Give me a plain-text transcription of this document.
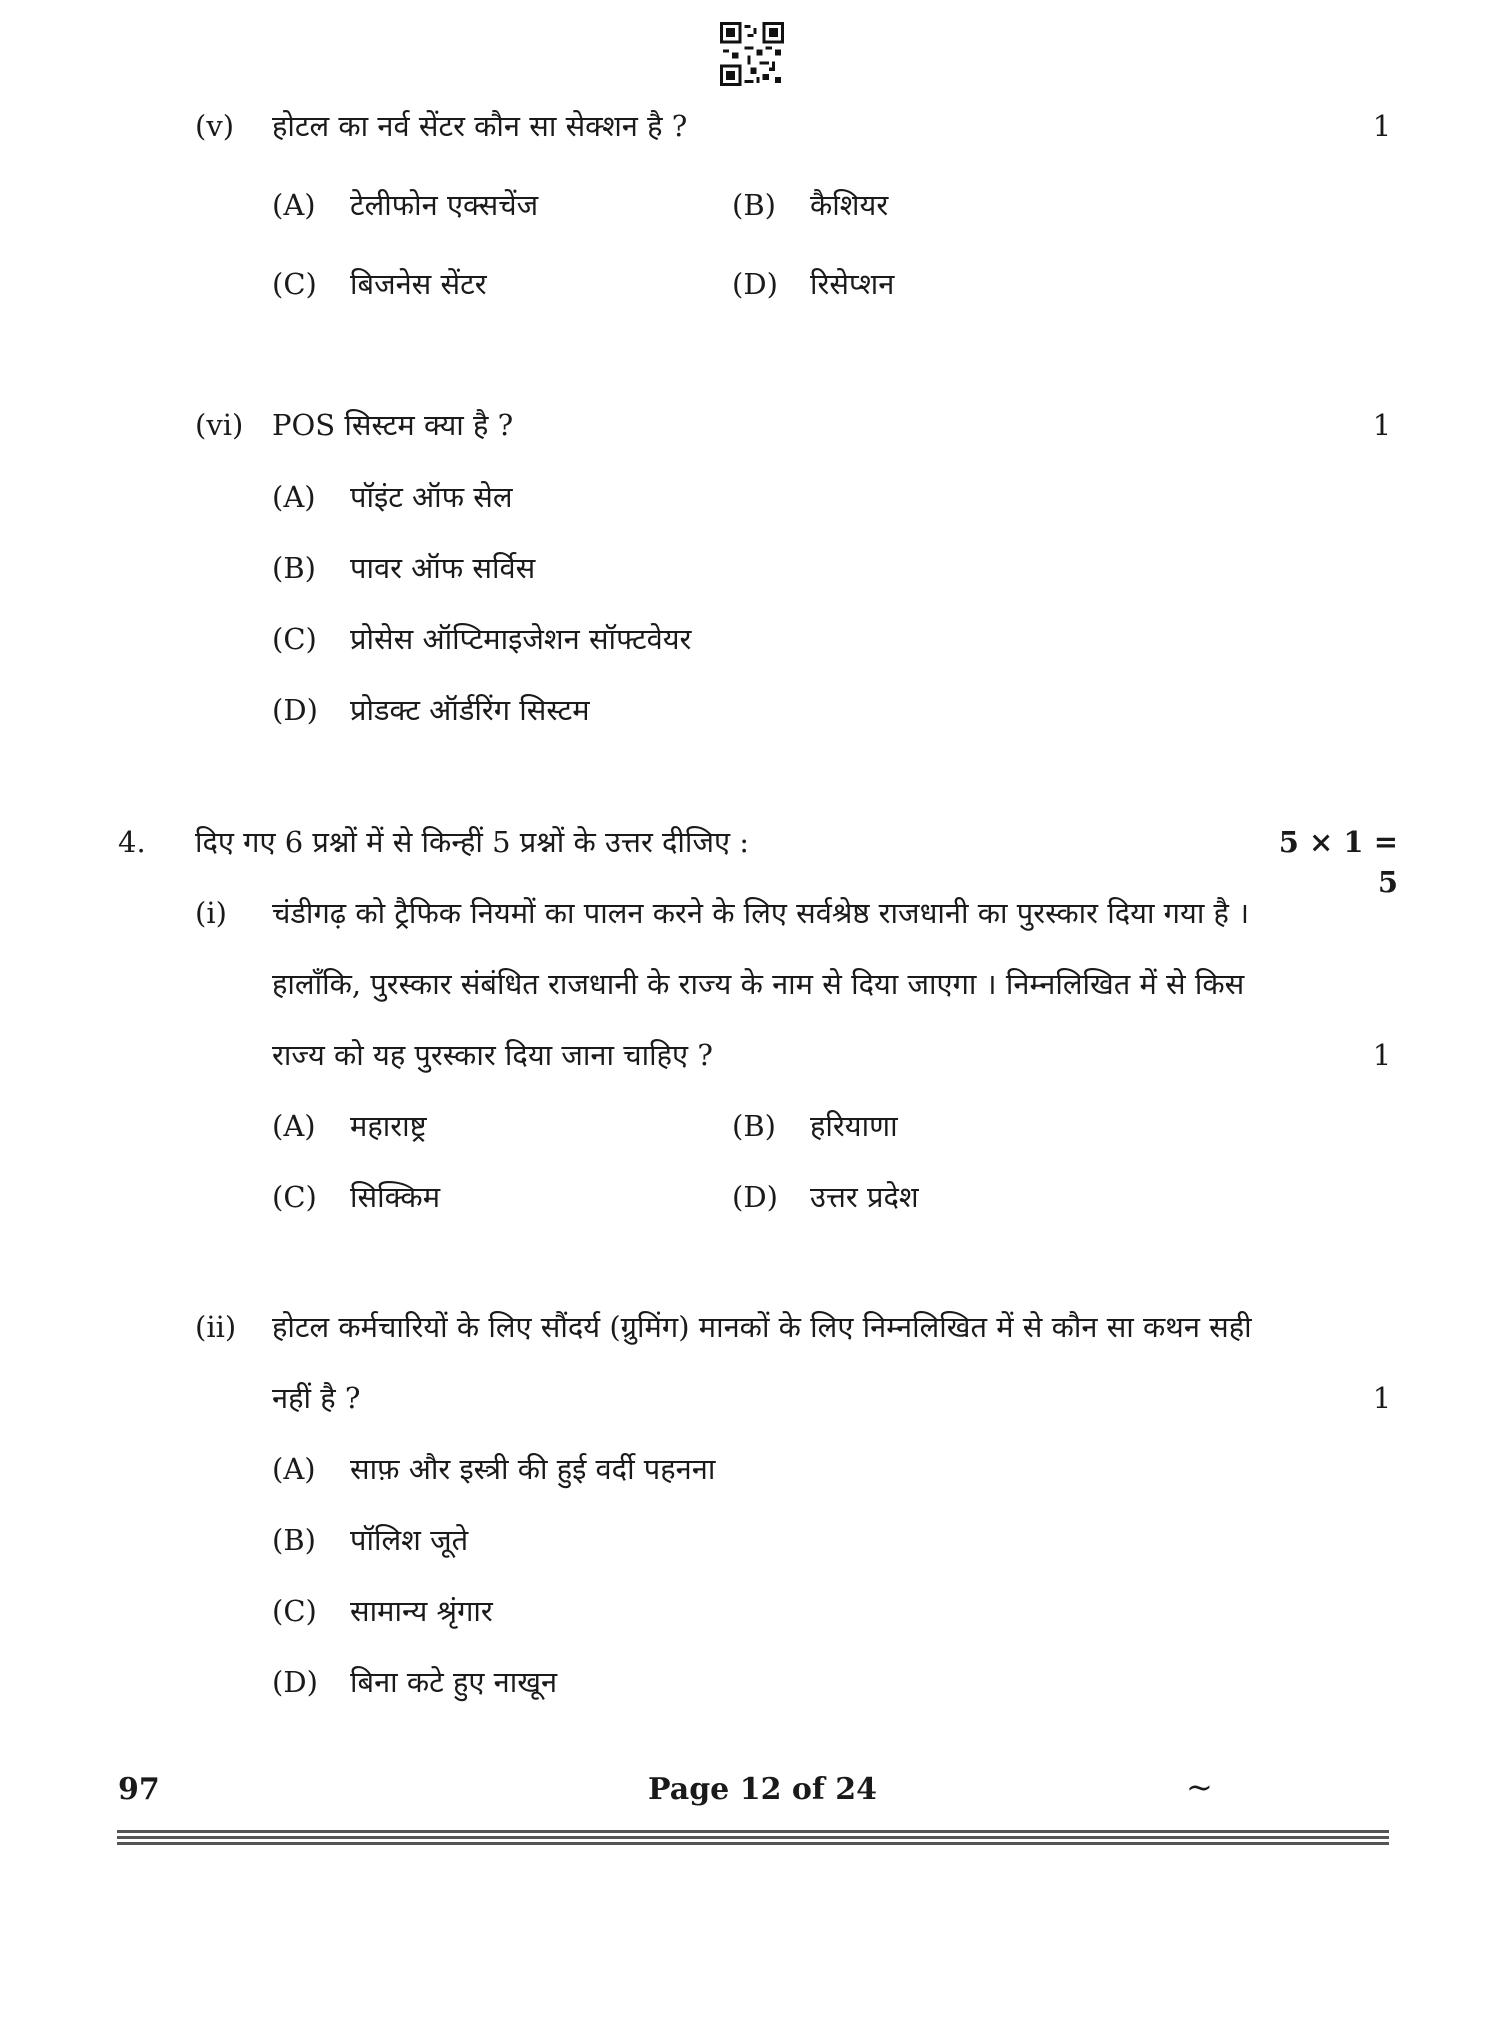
(v) होटल का नर्व सेंटर कौन सा सेक्शन है ?	1
(A) टेलीफोन एक्सचेंज	(B) कैशियर
(C) बिजनेस सेंटर	(D) रिसेप्शन
(vi) POS सिस्टम क्या है ?	1
(A) पॉइंट ऑफ सेल
(B) पावर ऑफ सर्विस
(C) प्रोसेस ऑप्टिमाइजेशन सॉफ्टवेयर
(D) प्रोडक्ट ऑर्डरिंग सिस्टम
4. दिए गए 6 प्रश्नों में से किन्हीं 5 प्रश्नों के उत्तर दीजिए :	5 × 1 = 5
(i) चंडीगढ़ को ट्रैफिक नियमों का पालन करने के लिए सर्वश्रेष्ठ राजधानी का पुरस्कार दिया गया है ।
हालाँकि, पुरस्कार संबंधित राजधानी के राज्य के नाम से दिया जाएगा । निम्नलिखित में से किस
राज्य को यह पुरस्कार दिया जाना चाहिए ?	1
(A) महाराष्ट्र	(B) हरियाणा
(C) सिक्किम	(D) उत्तर प्रदेश
(ii) होटल कर्मचारियों के लिए सौंदर्य (ग्रुमिंग) मानकों के लिए निम्नलिखित में से कौन सा कथन सही
नहीं है ?	1
(A) साफ़ और इस्त्री की हुई वर्दी पहनना
(B) पॉलिश जूते
(C) सामान्य श्रृंगार
(D) बिना कटे हुए नाखून
97	Page 12 of 24	~
